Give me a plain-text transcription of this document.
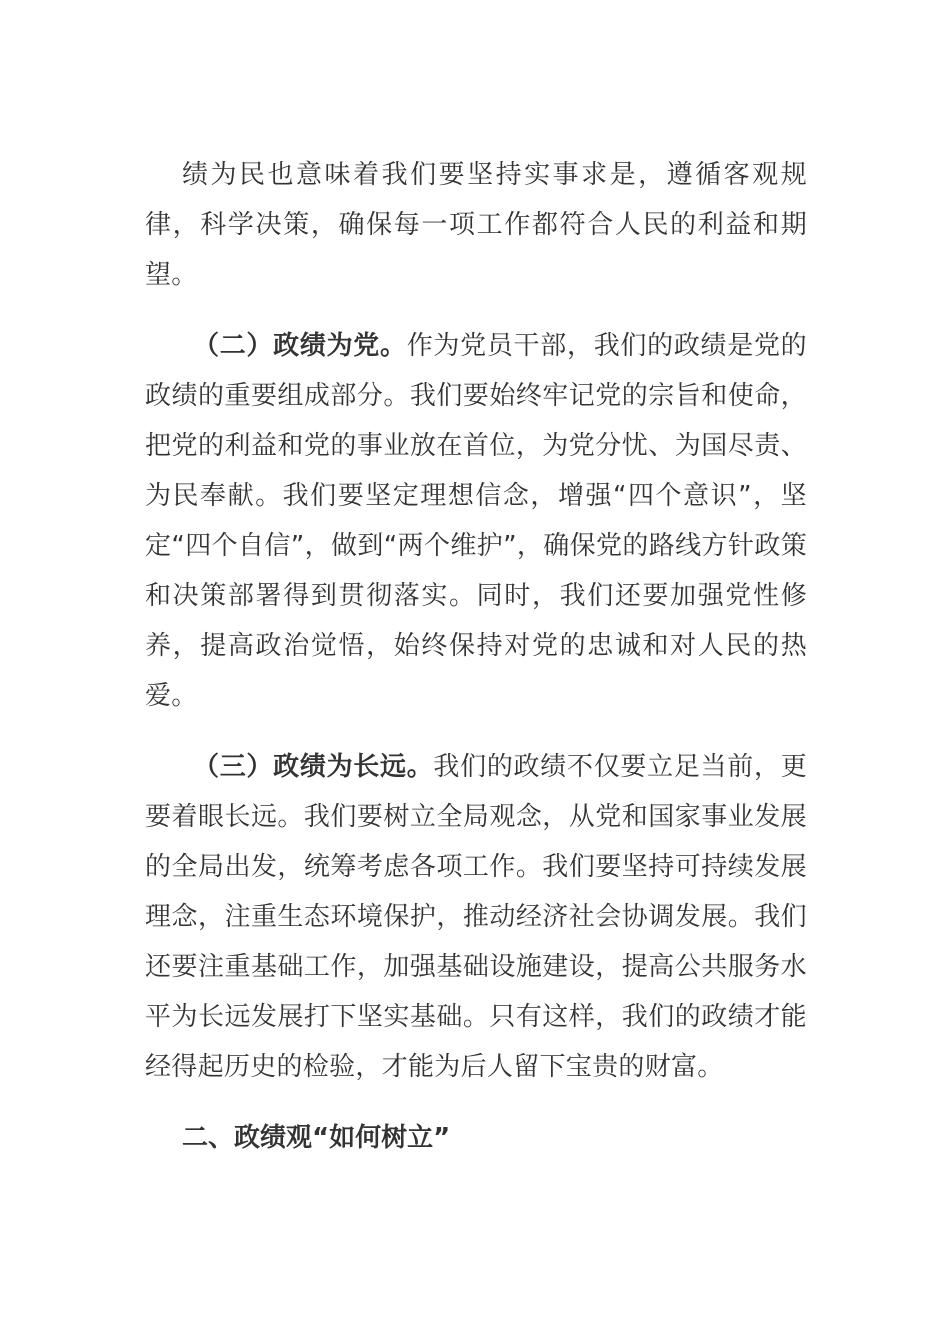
绩为民也意味着我们要坚持实事求是，遵循客观规律，科学决策，确保每一项工作都符合人民的利益和期望。

（二）政绩为党。作为党员干部，我们的政绩是党的政绩的重要组成部分。我们要始终牢记党的宗旨和使命，把党的利益和党的事业放在首位，为党分忧、为国尽责、为民奉献。我们要坚定理想信念，增强“四个意识”，坚定“四个自信”，做到“两个维护”，确保党的路线方针政策和决策部署得到贯彻落实。同时，我们还要加强党性修养，提高政治觉悟，始终保持对党的忠诚和对人民的热爱。

（三）政绩为长远。我们的政绩不仅要立足当前，更要着眼长远。我们要树立全局观念，从党和国家事业发展的全局出发，统筹考虑各项工作。我们要坚持可持续发展理念，注重生态环境保护，推动经济社会协调发展。我们还要注重基础工作，加强基础设施建设，提高公共服务水平为长远发展打下坚实基础。只有这样，我们的政绩才能经得起历史的检验，才能为后人留下宝贵的财富。

二、政绩观“如何树立”
